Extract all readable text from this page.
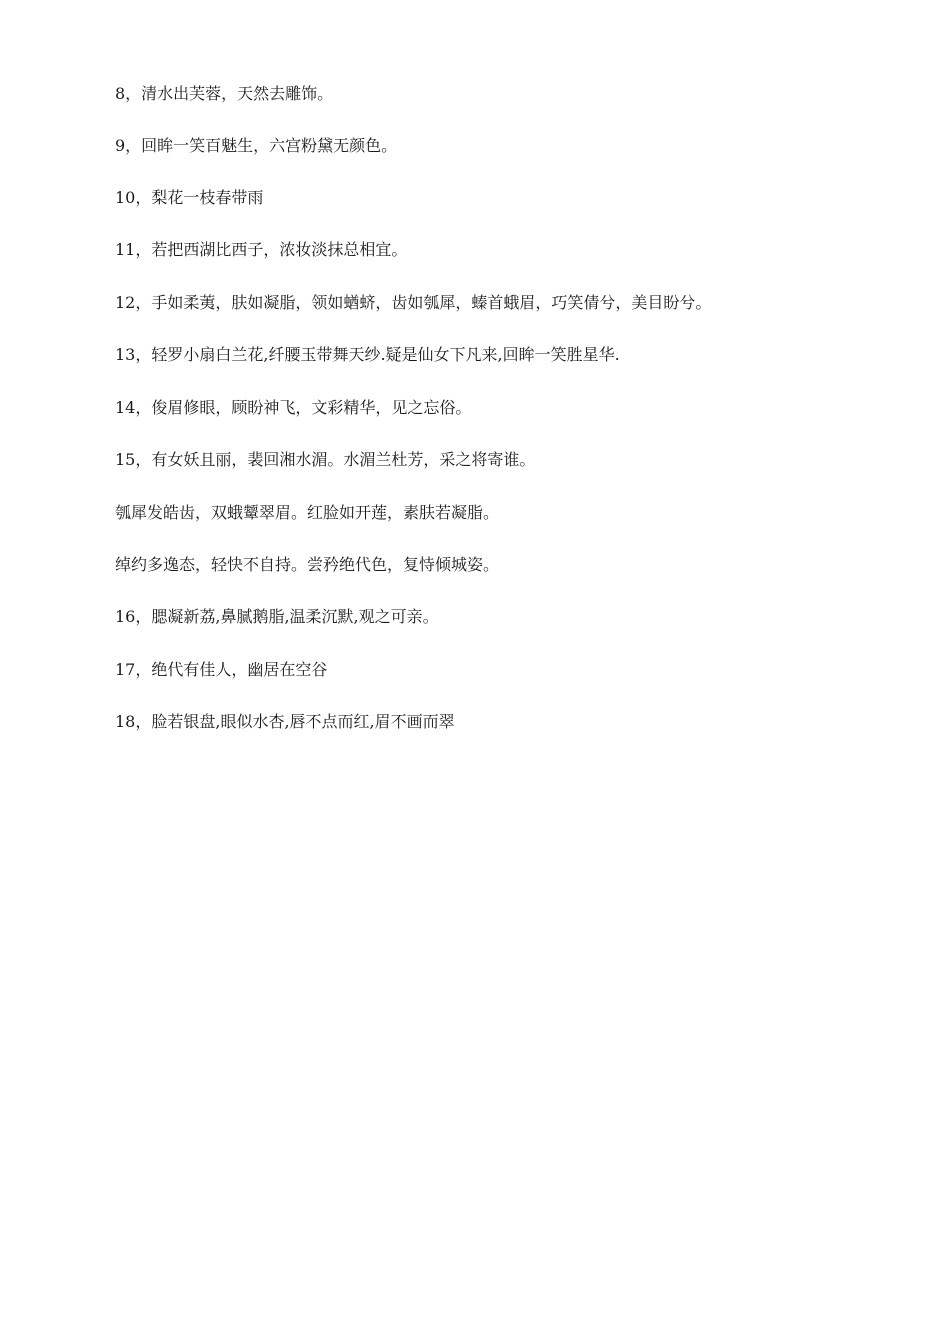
8，清水出芙蓉，天然去雕饰。
9，回眸一笑百魅生，六宫粉黛无颜色。
10，梨花一枝春带雨
11，若把西湖比西子，浓妆淡抹总相宜。
12，手如柔荑，肤如凝脂，领如蝤蛴，齿如瓠犀，螓首蛾眉，巧笑倩兮，美目盼兮。
13，轻罗小扇白兰花,纤腰玉带舞天纱.疑是仙女下凡来,回眸一笑胜星华.
14，俊眉修眼，顾盼神飞，文彩精华，见之忘俗。
15，有女妖且丽，裴回湘水湄。水湄兰杜芳，采之将寄谁。
瓠犀发皓齿，双蛾颦翠眉。红脸如开莲，素肤若凝脂。
绰约多逸态，轻快不自持。尝矜绝代色，复恃倾城姿。
16，腮凝新荔,鼻腻鹅脂,温柔沉默,观之可亲。
17，绝代有佳人，幽居在空谷
18，脸若银盘,眼似水杏,唇不点而红,眉不画而翠
